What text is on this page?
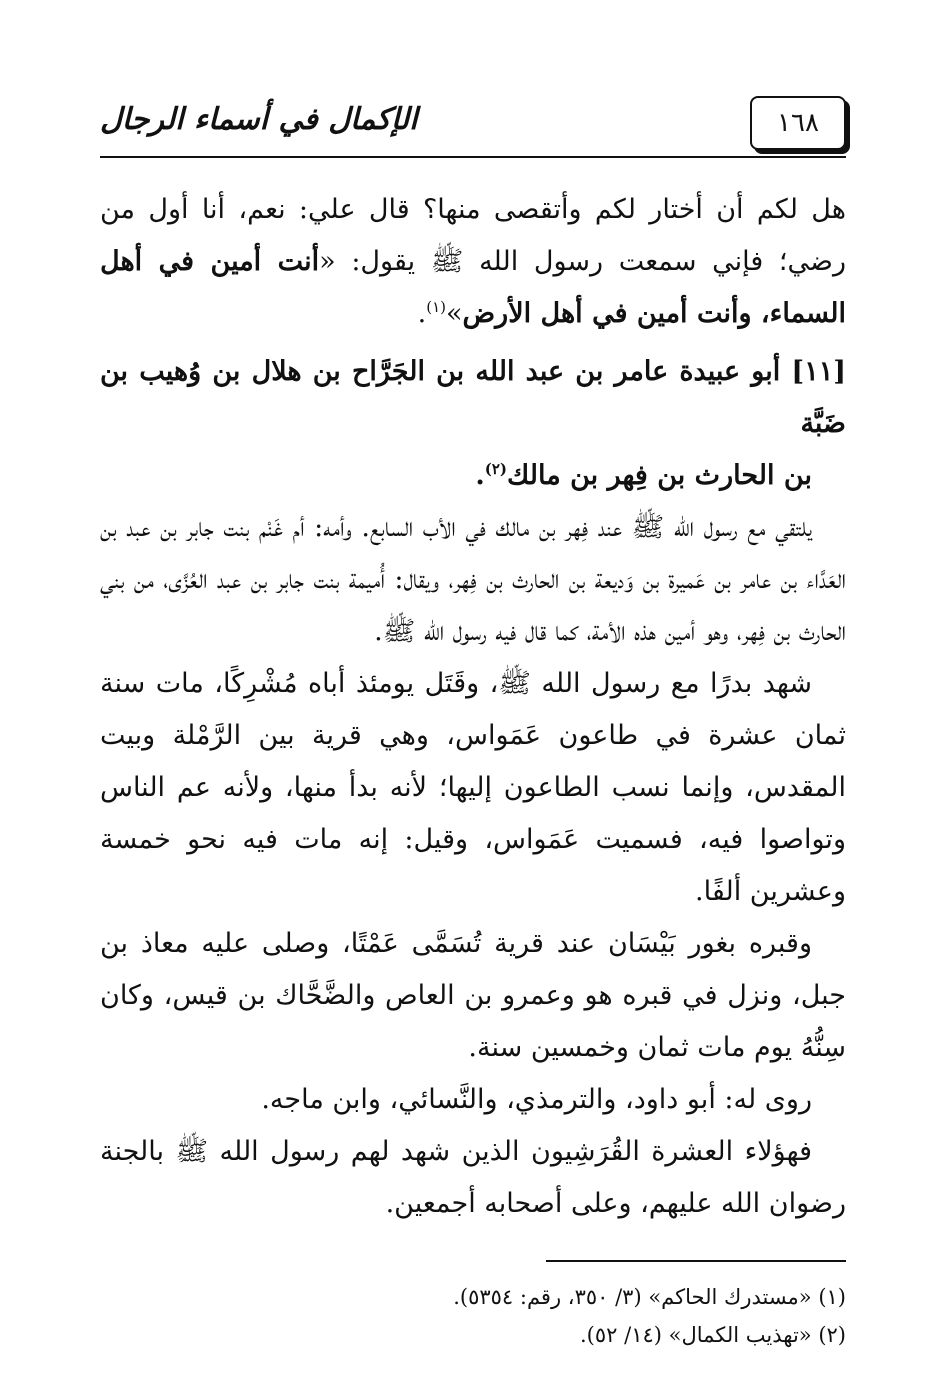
١٦٨
الإكمال في أسماء الرجال

هل لكم أن أختار لكم وأتقصى منها؟ قال علي: نعم، أنا أول من رضي؛ فإني سمعت رسول الله ﷺ يقول: «أنت أمين في أهل السماء، وأنت أمين في أهل الأرض»$^{(١)}$.

[١١] أبو عبيدة عامر بن عبد الله بن الجَرَّاح بن هلال بن وُهيب بن ضَبَّة
بن الحارث بن فِهر بن مالك$^{(٢)}$.

يلتقي مع رسول الله ﷺ عند فِهر بن مالك في الأب السابع. وأمه: أم غَنْم بنت جابر بن عبد بن العَدَّاء بن عامر بن عَميرة بن وَديعة بن الحارث بن فِهر، ويقال: أُميمة بنت جابر بن عبد العُزَّى، من بني الحارث بن فِهر، وهو أمين هذه الأمة، كما قال فيه رسول الله ﷺ.

شهد بدرًا مع رسول الله ﷺ، وقَتَل يومئذ أباه مُشْرِكًا، مات سنة ثمان عشرة في طاعون عَمَواس، وهي قرية بين الرَّمْلة وبيت المقدس، وإنما نسب الطاعون إليها؛ لأنه بدأ منها، ولأنه عم الناس وتواصوا فيه، فسميت عَمَواس، وقيل: إنه مات فيه نحو خمسة وعشرين ألفًا.

وقبره بغور بَيْسَان عند قرية تُسَمَّى عَمْتًا، وصلى عليه معاذ بن جبل، ونزل في قبره هو وعمرو بن العاص والضَّحَّاك بن قيس، وكان سِنُّهُ يوم مات ثمان وخمسين سنة.

روى له: أبو داود، والترمذي، والنَّسائي، وابن ماجه.

فهؤلاء العشرة القُرَشِيون الذين شهد لهم رسول الله ﷺ بالجنة رضوان الله عليهم، وعلى أصحابه أجمعين.

(١) «مستدرك الحاكم» (٣/ ٣٥٠، رقم: ٥٣٥٤).

(٢) «تهذيب الكمال» (١٤/ ٥٢).
